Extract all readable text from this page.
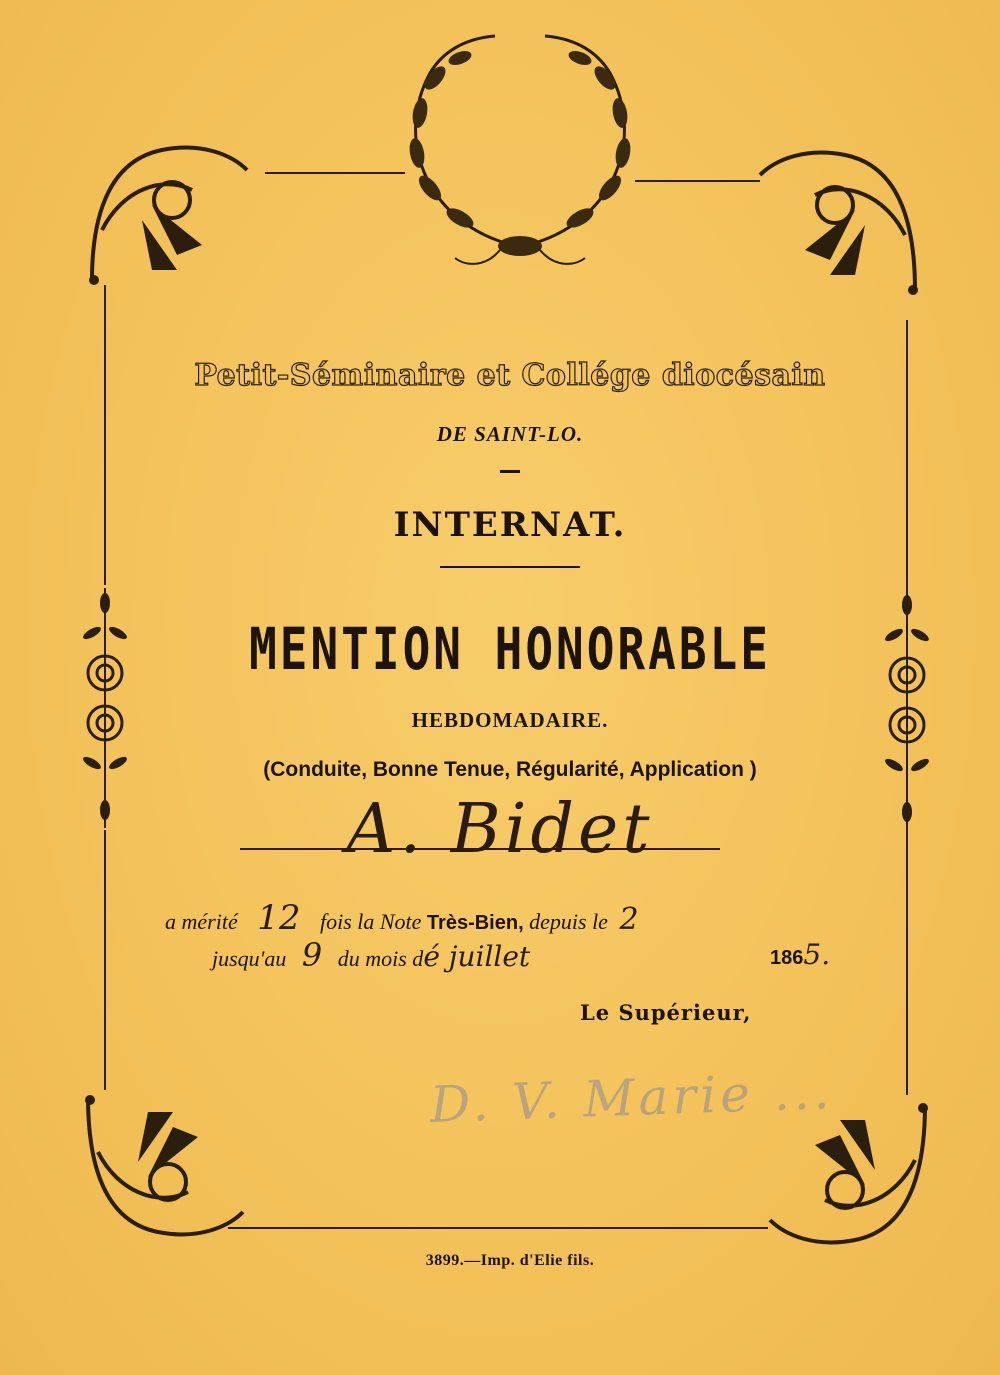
Petit-Séminaire et Collége diocésain
DE SAINT-LO.
INTERNAT.
MENTION HONORABLE
HEBDOMADAIRE.
(Conduite, Bonne Tenue, Régularité, Application )
A. Bidet
a mérité 12 fois la Note Très-Bien, depuis le 2
jusqu'au 9 du mois dé juillet	1865.
Le Supérieur,
D. V. Marie ...
3899.—Imp. d'Elie fils.
